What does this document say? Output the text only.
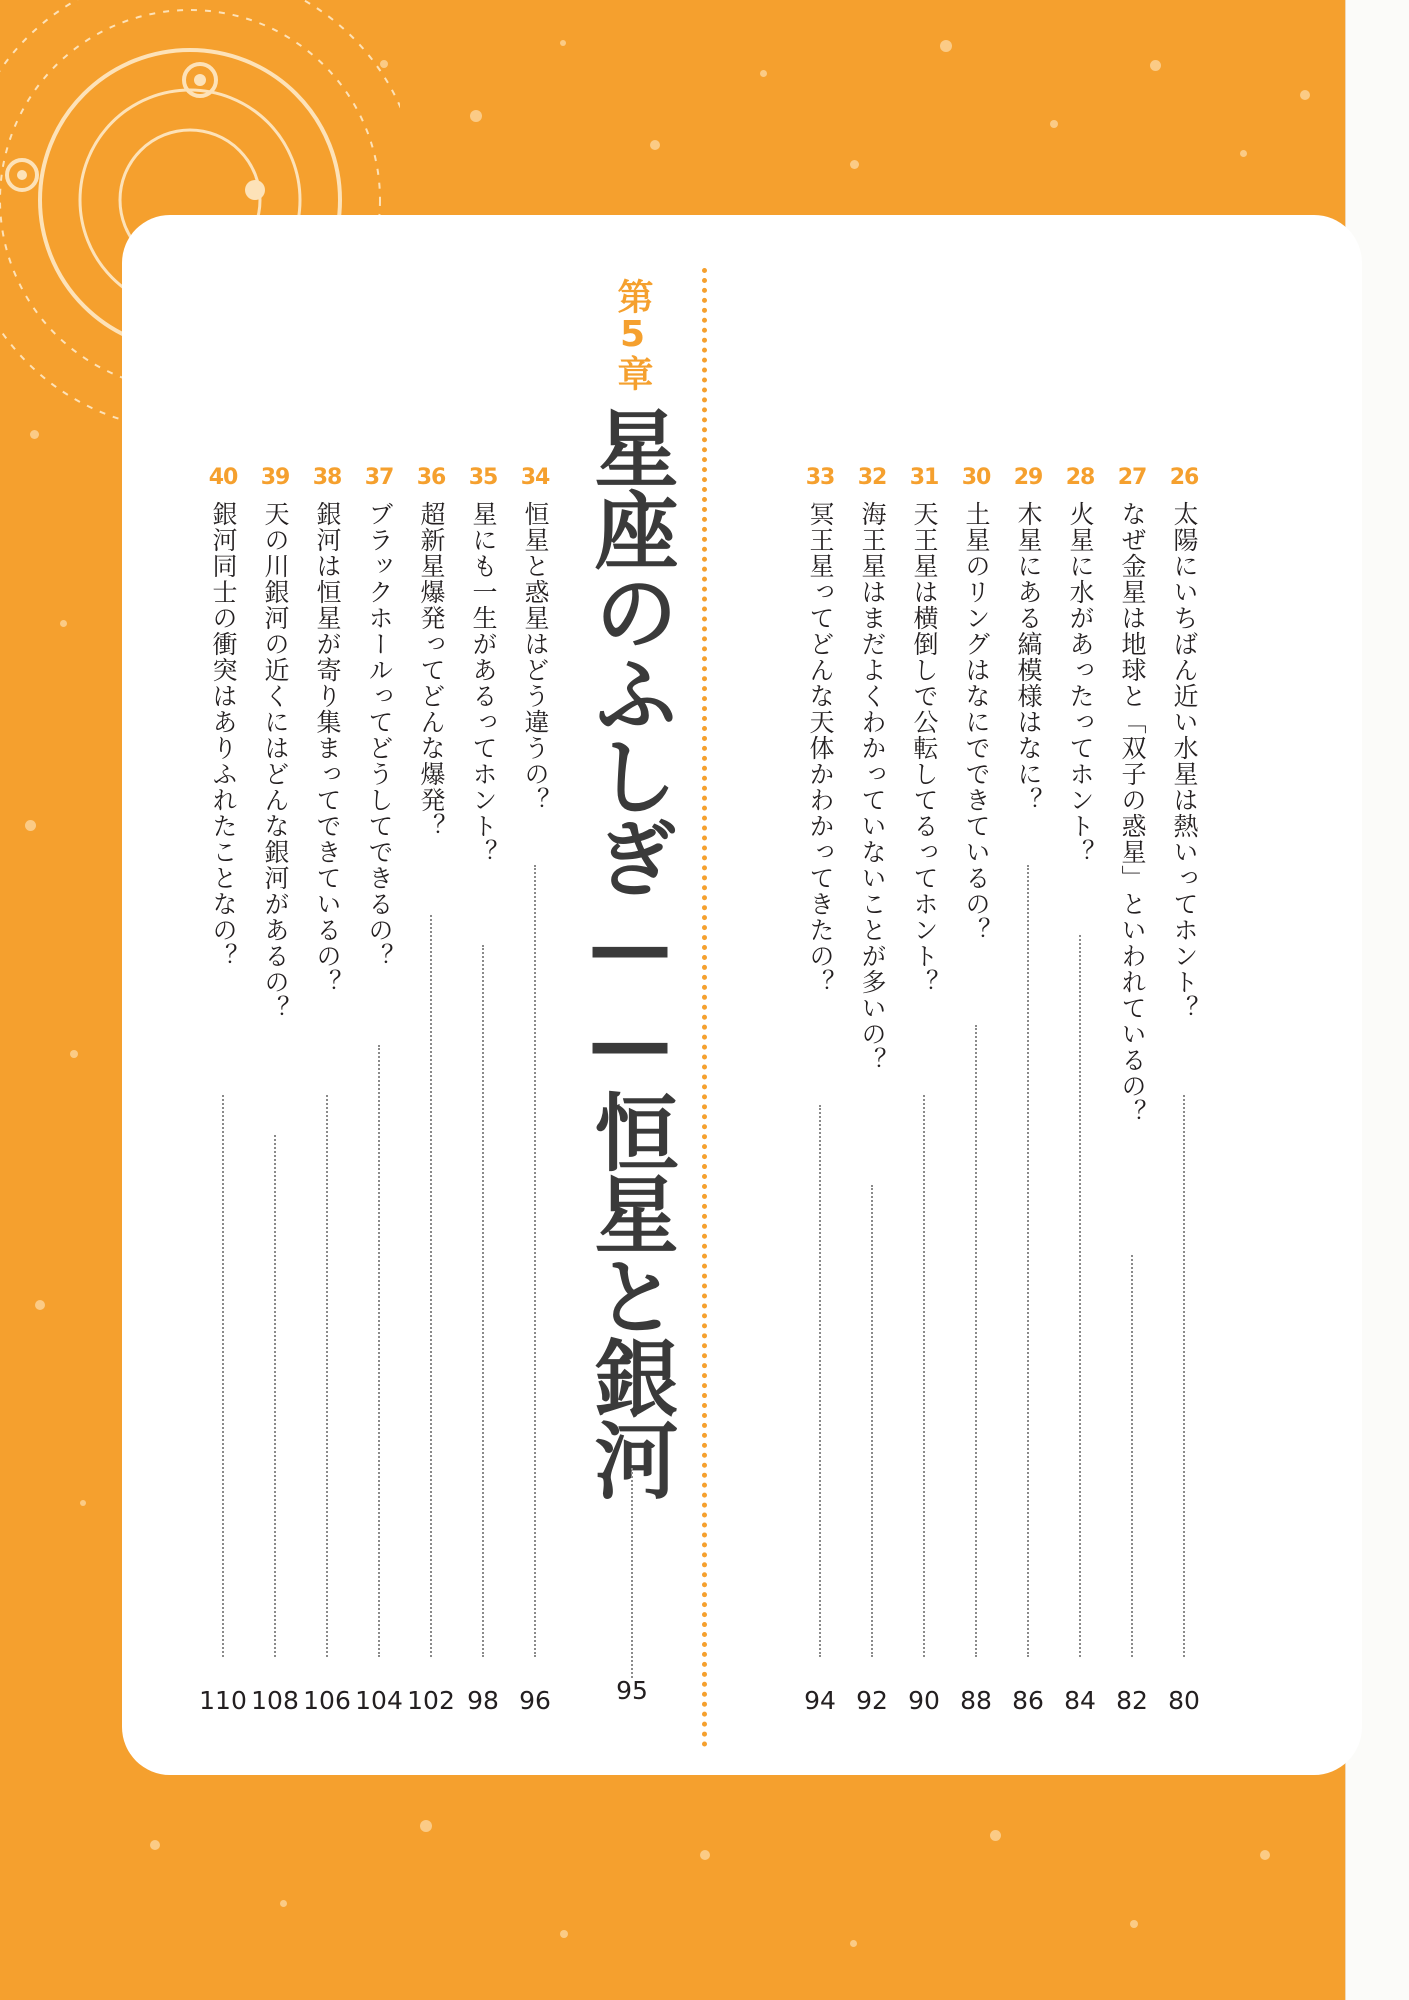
26
太陽にいちばん近い水星は熱いってホント？
80
27
なぜ金星は地球と「双子の惑星」といわれているの？
82
28
火星に水があったってホント？
84
29
木星にある縞模様はなに？
86
30
土星のリングはなにでできているの？
88
31
天王星は横倒しで公転してるってホント？
90
32
海王星はまだよくわかっていないことが多いの？
92
33
冥王星ってどんな天体かわかってきたの？
94
第5章
星座のふしぎ——恒星と銀河
95
34
恒星と惑星はどう違うの？
96
35
星にも一生があるってホント？
98
36
超新星爆発ってどんな爆発？
102
37
ブラックホールってどうしてできるの？
104
38
銀河は恒星が寄り集まってできているの？
106
39
天の川銀河の近くにはどんな銀河があるの？
108
40
銀河同士の衝突はありふれたことなの？
110
